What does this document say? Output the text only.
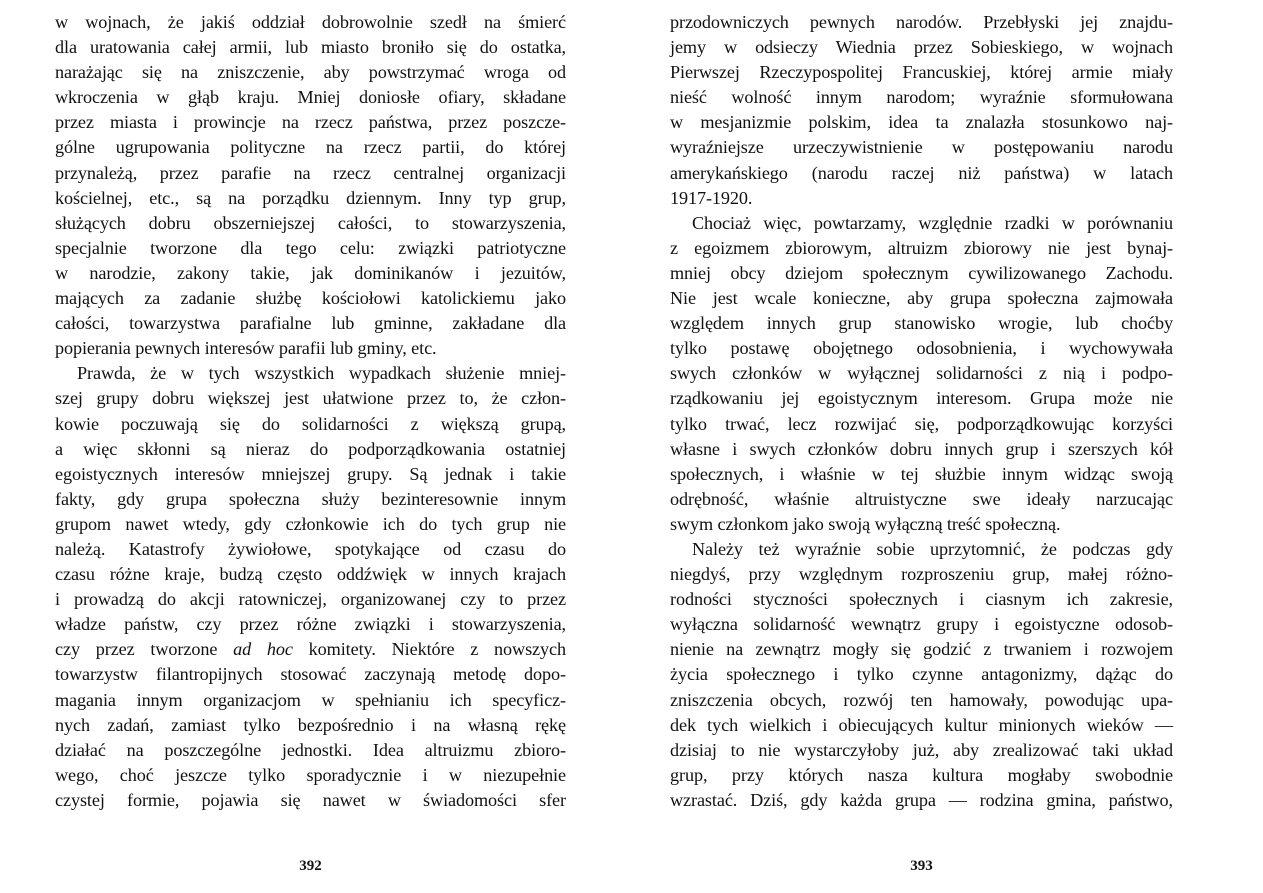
w wojnach, że jakiś oddział dobrowolnie szedł na śmierć
dla uratowania całej armii, lub miasto broniło się do ostatka,
narażając się na zniszczenie, aby powstrzymać wroga od
wkroczenia w głąb kraju. Mniej doniosłe ofiary, składane
przez miasta i prowincje na rzecz państwa, przez poszcze-
gólne ugrupowania polityczne na rzecz partii, do której
przynależą, przez parafie na rzecz centralnej organizacji
kościelnej, etc., są na porządku dziennym. Inny typ grup,
służących dobru obszerniejszej całości, to stowarzyszenia,
specjalnie tworzone dla tego celu: związki patriotyczne
w narodzie, zakony takie, jak dominikanów i jezuitów,
mających za zadanie służbę kościołowi katolickiemu jako
całości, towarzystwa parafialne lub gminne, zakładane dla
popierania pewnych interesów parafii lub gminy, etc.
Prawda, że w tych wszystkich wypadkach służenie mniej-
szej grupy dobru większej jest ułatwione przez to, że człon-
kowie poczuwają się do solidarności z większą grupą,
a więc skłonni są nieraz do podporządkowania ostatniej
egoistycznych interesów mniejszej grupy. Są jednak i takie
fakty, gdy grupa społeczna służy bezinteresownie innym
grupom nawet wtedy, gdy członkowie ich do tych grup nie
należą. Katastrofy żywiołowe, spotykające od czasu do
czasu różne kraje, budzą często oddźwięk w innych krajach
i prowadzą do akcji ratowniczej, organizowanej czy to przez
władze państw, czy przez różne związki i stowarzyszenia,
czy przez tworzone ad hoc komitety. Niektóre z nowszych
towarzystw filantropijnych stosować zaczynają metodę dopo-
magania innym organizacjom w spełnianiu ich specyficz-
nych zadań, zamiast tylko bezpośrednio i na własną rękę
działać na poszczególne jednostki. Idea altruizmu zbioro-
wego, choć jeszcze tylko sporadycznie i w niezupełnie
czystej formie, pojawia się nawet w świadomości sfer
392
przodowniczych pewnych narodów. Przebłyski jej znajdu-
jemy w odsieczy Wiednia przez Sobieskiego, w wojnach
Pierwszej Rzeczypospolitej Francuskiej, której armie miały
nieść wolność innym narodom; wyraźnie sformułowana
w mesjanizmie polskim, idea ta znalazła stosunkowo naj-
wyraźniejsze urzeczywistnienie w postępowaniu narodu
amerykańskiego (narodu raczej niż państwa) w latach
1917-1920.
Chociaż więc, powtarzamy, względnie rzadki w porównaniu
z egoizmem zbiorowym, altruizm zbiorowy nie jest bynaj-
mniej obcy dziejom społecznym cywilizowanego Zachodu.
Nie jest wcale konieczne, aby grupa społeczna zajmowała
względem innych grup stanowisko wrogie, lub choćby
tylko postawę obojętnego odosobnienia, i wychowywała
swych członków w wyłącznej solidarności z nią i podpo-
rządkowaniu jej egoistycznym interesom. Grupa może nie
tylko trwać, lecz rozwijać się, podporządkowując korzyści
własne i swych członków dobru innych grup i szerszych kół
społecznych, i właśnie w tej służbie innym widząc swoją
odrębność, właśnie altruistyczne swe ideały narzucając
swym członkom jako swoją wyłączną treść społeczną.
Należy też wyraźnie sobie uprzytomnić, że podczas gdy
niegdyś, przy względnym rozproszeniu grup, małej różno-
rodności styczności społecznych i ciasnym ich zakresie,
wyłączna solidarność wewnątrz grupy i egoistyczne odosob-
nienie na zewnątrz mogły się godzić z trwaniem i rozwojem
życia społecznego i tylko czynne antagonizmy, dążąc do
zniszczenia obcych, rozwój ten hamowały, powodując upa-
dek tych wielkich i obiecujących kultur minionych wieków —
dzisiaj to nie wystarczyłoby już, aby zrealizować taki układ
grup, przy których nasza kultura mogłaby swobodnie
wzrastać. Dziś, gdy każda grupa — rodzina gmina, państwo,
393
